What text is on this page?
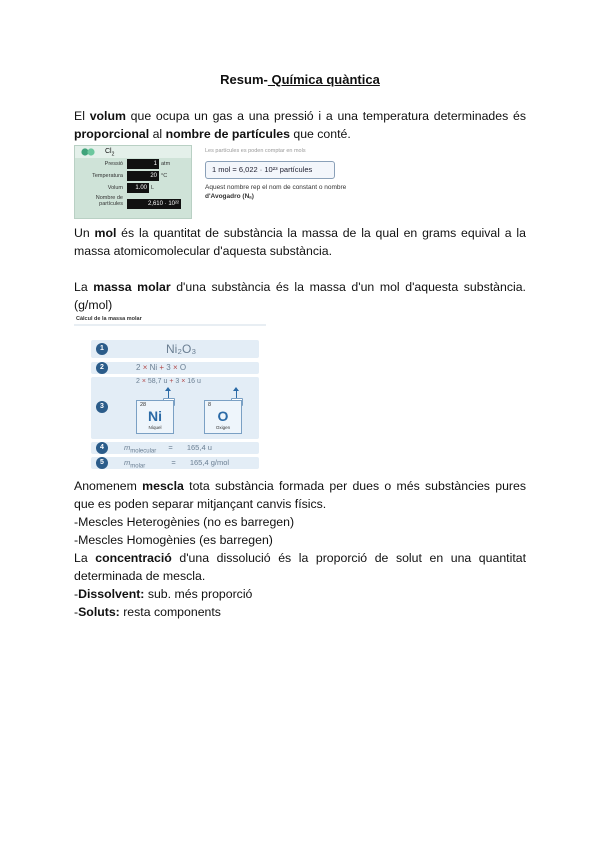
Resum- Química quàntica
El volum que ocupa un gas a una pressió i a una temperatura determinades és proporcional al nombre de partícules que conté.
$Cl_2$
Pressió	1 atm
Temperatura	20 °C
Volum	1.00 L
Nombre de partícules	2,610 · 10²²
Les partícules es poden comptar en mols
1 mol = 6,022 · 10²³ partícules
Aquest nombre rep el nom de constant o nombre
d'Avogadro (Nₐ)
Un mol és la quantitat de substància la massa de la qual en grams equival a la massa atomicomolecular d'aquesta substància.
La massa molar d'una substància és la massa d'un mol d'aquesta substància.(g/mol)
Càlcul de la massa molar
1
2
3
4
5
Ni₂O₃
2 × Ni + 3 × O
2 × 58,7 u + 3 × 16 u
28
Ni
Níquel
8
O
Oxigen
$m_{molecular} = 165,4$ u
$m_{molar}$	= 165,4 g/mol
Anomenem mescla tota substància formada per dues o més substàncies pures que es poden separar mitjançant canvis físics.
-Mescles Heterogènies (no es barregen)
-Mescles Homogènies (es barregen)
La concentració d'una dissolució és la proporció de solut en una quantitat determinada de mescla.
-Dissolvent: sub. més proporció
-Soluts: resta components
